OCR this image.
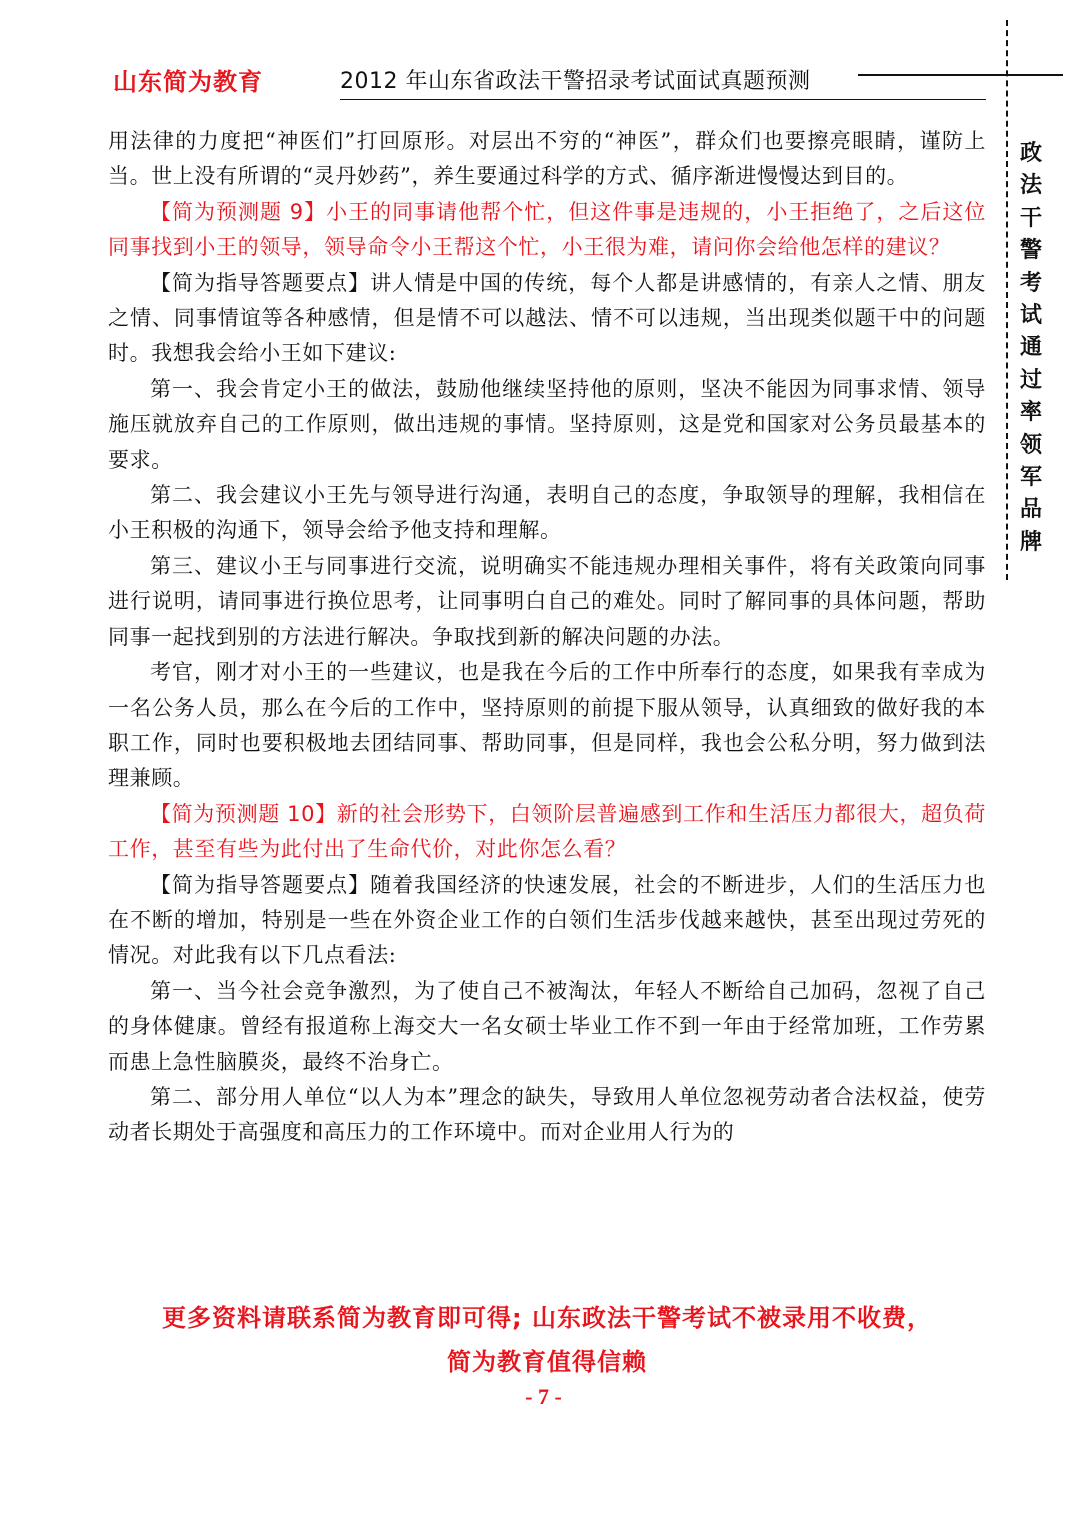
山东简为教育	2012 年山东省政法干警招录考试面试真题预测
政法干警考试通过率领军品牌

用法律的力度把“神医们”打回原形。对层出不穷的“神医”，群众们也要擦亮眼睛，谨防上当。世上没有所谓的“灵丹妙药”，养生要通过科学的方式、循序渐进慢慢达到目的。

【简为预测题 9】小王的同事请他帮个忙，但这件事是违规的，小王拒绝了，之后这位同事找到小王的领导，领导命令小王帮这个忙，小王很为难，请问你会给他怎样的建议？

【简为指导答题要点】讲人情是中国的传统，每个人都是讲感情的，有亲人之情、朋友之情、同事情谊等各种感情，但是情不可以越法、情不可以违规，当出现类似题干中的问题时。我想我会给小王如下建议:

第一、我会肯定小王的做法，鼓励他继续坚持他的原则，坚决不能因为同事求情、领导施压就放弃自己的工作原则，做出违规的事情。坚持原则，这是党和国家对公务员最基本的要求。

第二、我会建议小王先与领导进行沟通，表明自己的态度，争取领导的理解，我相信在小王积极的沟通下，领导会给予他支持和理解。

第三、建议小王与同事进行交流，说明确实不能违规办理相关事件，将有关政策向同事进行说明，请同事进行换位思考，让同事明白自己的难处。同时了解同事的具体问题，帮助同事一起找到别的方法进行解决。争取找到新的解决问题的办法。

考官，刚才对小王的一些建议，也是我在今后的工作中所奉行的态度，如果我有幸成为一名公务人员，那么在今后的工作中，坚持原则的前提下服从领导，认真细致的做好我的本职工作，同时也要积极地去团结同事、帮助同事，但是同样，我也会公私分明，努力做到法理兼顾。

【简为预测题 10】新的社会形势下，白领阶层普遍感到工作和生活压力都很大，超负荷工作，甚至有些为此付出了生命代价，对此你怎么看？

【简为指导答题要点】随着我国经济的快速发展，社会的不断进步，人们的生活压力也在不断的增加，特别是一些在外资企业工作的白领们生活步伐越来越快，甚至出现过劳死的情况。对此我有以下几点看法:

第一、当今社会竞争激烈，为了使自己不被淘汰，年轻人不断给自己加码，忽视了自己的身体健康。曾经有报道称上海交大一名女硕士毕业工作不到一年由于经常加班，工作劳累而患上急性脑膜炎，最终不治身亡。

第二、部分用人单位“以人为本”理念的缺失，导致用人单位忽视劳动者合法权益，使劳动者长期处于高强度和高压力的工作环境中。而对企业用人行为的

更多资料请联系简为教育即可得; 山东政法干警考试不被录用不收费，
简为教育值得信赖
- 7 -
